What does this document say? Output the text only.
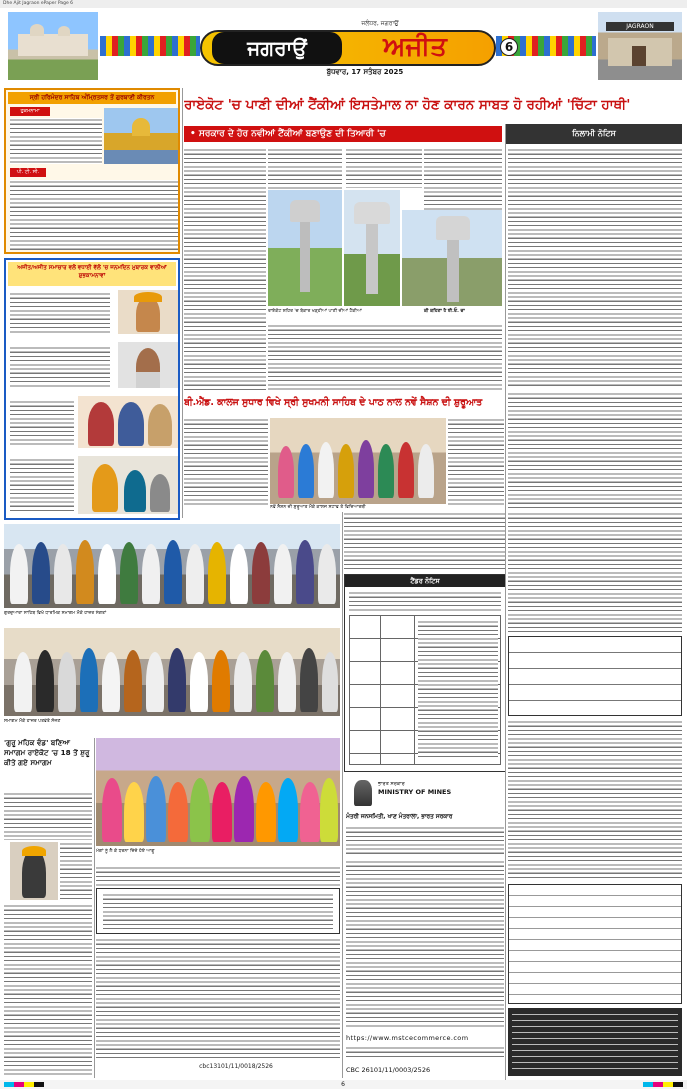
Dhe Ajit Jagraon ePaper Page 6
ਜਗਰਾਉਂ	ਅਜੀਤ
ਜਲੰਧਰ, ਜਗਰਾਉਂ
ਬੁੱਧਵਾਰ, 17 ਸਤੰਬਰ 2025
6
JAGRAON
ਸ੍ਰੀ ਹਰਿਮੰਦਰ ਸਾਹਿਬ ਅੰਮ੍ਰਿਤਸਰ ਤੋਂ ਗੁਰਬਾਣੀ ਕੀਰਤਨ
ਹੁਕਮਨਾਮਾ
ਪੀ. ਟੀ. ਸੀ.
ਅਜੀਤ/ਅਜੀਤ ਸਮਾਚਾਰ ਵਲੋਂ ਵਧਾਈ ਵੱਲੋਂ 'ਚ ਜਨਮਦਿਨ ਮੁਬਾਰਕ ਵਾਲੀਆਂ ਸ਼ੁਭਕਾਮਨਾਵਾਂ
ਰਾਏਕੋਟ 'ਚ ਪਾਣੀ ਦੀਆਂ ਟੈਂਕੀਆਂ ਇਸਤੇਮਾਲ ਨਾ ਹੋਣ ਕਾਰਨ ਸਾਬਤ ਹੋ ਰਹੀਆਂ 'ਚਿੱਟਾ ਹਾਥੀ'
• ਸਰਕਾਰ ਦੇ ਹੋਰ ਨਵੀਆਂ ਟੈਂਕੀਆਂ ਬਣਾਉਣ ਦੀ ਤਿਆਰੀ 'ਚ	ਨਿਲਾਮੀ ਨੋਟਿਸ
ਰਾਏਕੋਟ ਸ਼ਹਿਰ 'ਚ ਬੇਕਾਰ ਖੜ੍ਹੀਆਂ ਪਾਣੀ ਦੀਆਂ ਟੈਂਕੀਆਂ	ਕੀ ਕਹਿਣਾ ਹੈ ਈ.ਓ. ਦਾ
ਬੀ.ਐੱਡ. ਕਾਲਜ ਸੁਧਾਰ ਵਿਖੇ ਸ੍ਰੀ ਸੁਖਮਨੀ ਸਾਹਿਬ ਦੇ ਪਾਠ ਨਾਲ ਨਵੇਂ ਸੈਸ਼ਨ ਦੀ ਸ਼ੁਰੂਆਤ
ਨਵੇਂ ਸੈਸ਼ਨ ਦੀ ਸ਼ੁਰੂਆਤ ਮੌਕੇ ਕਾਲਜ ਸਟਾਫ ਤੇ ਵਿਦਿਆਰਥੀ
ਗੁਰਦੁਆਰਾ ਸਾਹਿਬ ਵਿਖੇ ਧਾਰਮਿਕ ਸਮਾਗਮ ਮੌਕੇ ਹਾਜ਼ਰ ਸੰਗਤਾਂ
ਸਮਾਗਮ ਮੌਕੇ ਹਾਜ਼ਰ ਪਤਵੰਤੇ ਸੱਜਣ
ਟੈਂਡਰ ਨੋਟਿਸ
'ਗੁਰੂ ਮਹਿਕ ਵੰਡ' ਬਣਿਆ ਸਮਾਗਮ ਰਾਏਕੋਟ 'ਚ 18 ਤੋਂ ਸ਼ੁਰੂ ਕੀਤੇ ਗਏ ਸਮਾਗਮ
ਮੰਗਾਂ ਨੂੰ ਲੈ ਕੇ ਧਰਨਾ ਦਿੰਦੇ ਹੋਏ ਆਗੂ
cbc13101/11/0018/2526
ਭਾਰਤ ਸਰਕਾਰ
MINISTRY OF MINES
ਮੰਤਰੀ ਜਨਸਮਿਤੀ, ਖਾਣ ਮੰਤਰਾਲਾ, ਭਾਰਤ ਸਰਕਾਰ
https://www.mstcecommerce.com
CBC 26101/11/0003/2526
6
